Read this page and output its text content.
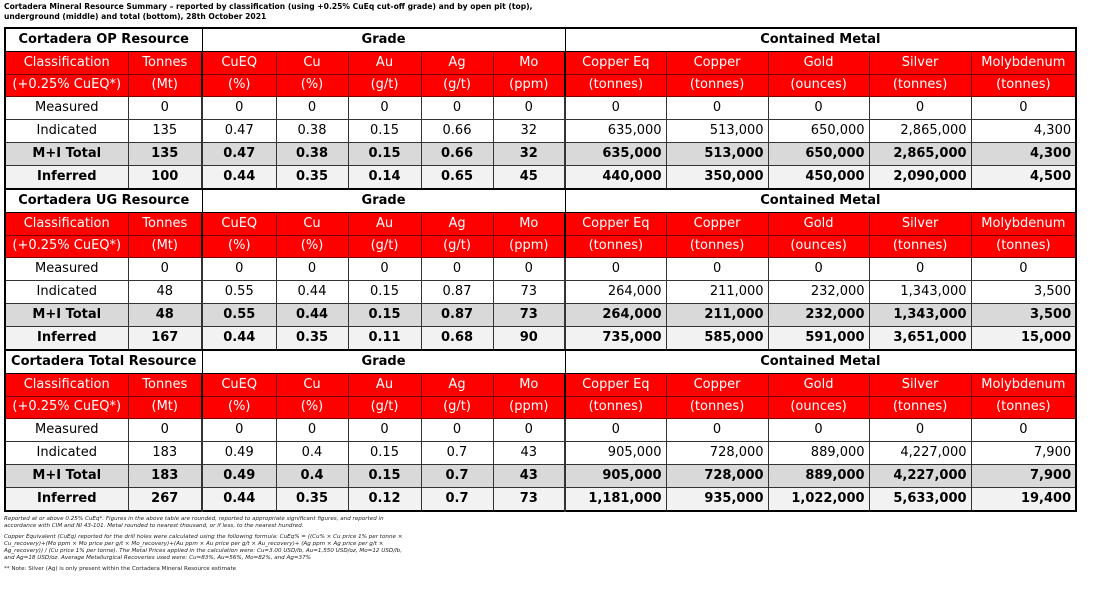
Cortadera Mineral Resource Summary – reported by classification (using +0.25% CuEq cut-off grade) and by open pit (top), underground (middle) and total (bottom), 28th October 2021
Cortadera OP Resource		Grade					Contained Metal				
Classification	Tonnes	CuEQ	Cu	Au	Ag	Mo	Copper Eq	Copper	Gold	Silver	Molybdenum
(+0.25% CuEQ*)	(Mt)	(%)	(%)	(g/t)	(g/t)	(ppm)	(tonnes)	(tonnes)	(ounces)	(tonnes)	(tonnes)
Measured	0	0	0	0	0	0	0	0	0	0	0
Indicated	135	0.47	0.38	0.15	0.66	32	635,000	513,000	650,000	2,865,000	4,300
M+I Total	135	0.47	0.38	0.15	0.66	32	635,000	513,000	650,000	2,865,000	4,300
Inferred	100	0.44	0.35	0.14	0.65	45	440,000	350,000	450,000	2,090,000	4,500
Cortadera UG Resource		Grade					Contained Metal				
Classification	Tonnes	CuEQ	Cu	Au	Ag	Mo	Copper Eq	Copper	Gold	Silver	Molybdenum
(+0.25% CuEQ*)	(Mt)	(%)	(%)	(g/t)	(g/t)	(ppm)	(tonnes)	(tonnes)	(ounces)	(tonnes)	(tonnes)
Measured	0	0	0	0	0	0	0	0	0	0	0
Indicated	48	0.55	0.44	0.15	0.87	73	264,000	211,000	232,000	1,343,000	3,500
M+I Total	48	0.55	0.44	0.15	0.87	73	264,000	211,000	232,000	1,343,000	3,500
Inferred	167	0.44	0.35	0.11	0.68	90	735,000	585,000	591,000	3,651,000	15,000
Cortadera Total Resource		Grade					Contained Metal				
Classification	Tonnes	CuEQ	Cu	Au	Ag	Mo	Copper Eq	Copper	Gold	Silver	Molybdenum
(+0.25% CuEQ*)	(Mt)	(%)	(%)	(g/t)	(g/t)	(ppm)	(tonnes)	(tonnes)	(ounces)	(tonnes)	(tonnes)
Measured	0	0	0	0	0	0	0	0	0	0	0
Indicated	183	0.49	0.4	0.15	0.7	43	905,000	728,000	889,000	4,227,000	7,900
M+I Total	183	0.49	0.4	0.15	0.7	43	905,000	728,000	889,000	4,227,000	7,900
Inferred	267	0.44	0.35	0.12	0.7	73	1,181,000	935,000	1,022,000	5,633,000	19,400

Reported at or above 0.25% CuEq*. Figures in the above table are rounded, reported to appropriate significant figures, and reported in accordance with CIM and NI 43-101. Metal rounded to nearest thousand, or if less, to the nearest hundred.

Copper Equivalent (CuEq) reported for the drill holes were calculated using the following formula: CuEq% = ((Cu% × Cu price 1% per tonne × Cu_recovery)+(Mo ppm × Mo price per g/t × Mo_recovery)+(Au ppm × Au price per g/t × Au_recovery)+ (Ag ppm × Ag price per g/t × Ag_recovery)) / (Cu price 1% per tonne). The Metal Prices applied in the calculation were: Cu=3.00 USD/lb, Au=1,550 USD/oz, Mo=12 USD/lb, and Ag=18 USD/oz. Average Metallurgical Recoveries used were: Cu=83%, Au=56%, Mo=82%, and Ag=37%

** Note: Silver (Ag) is only present within the Cortadera Mineral Resource estimate
